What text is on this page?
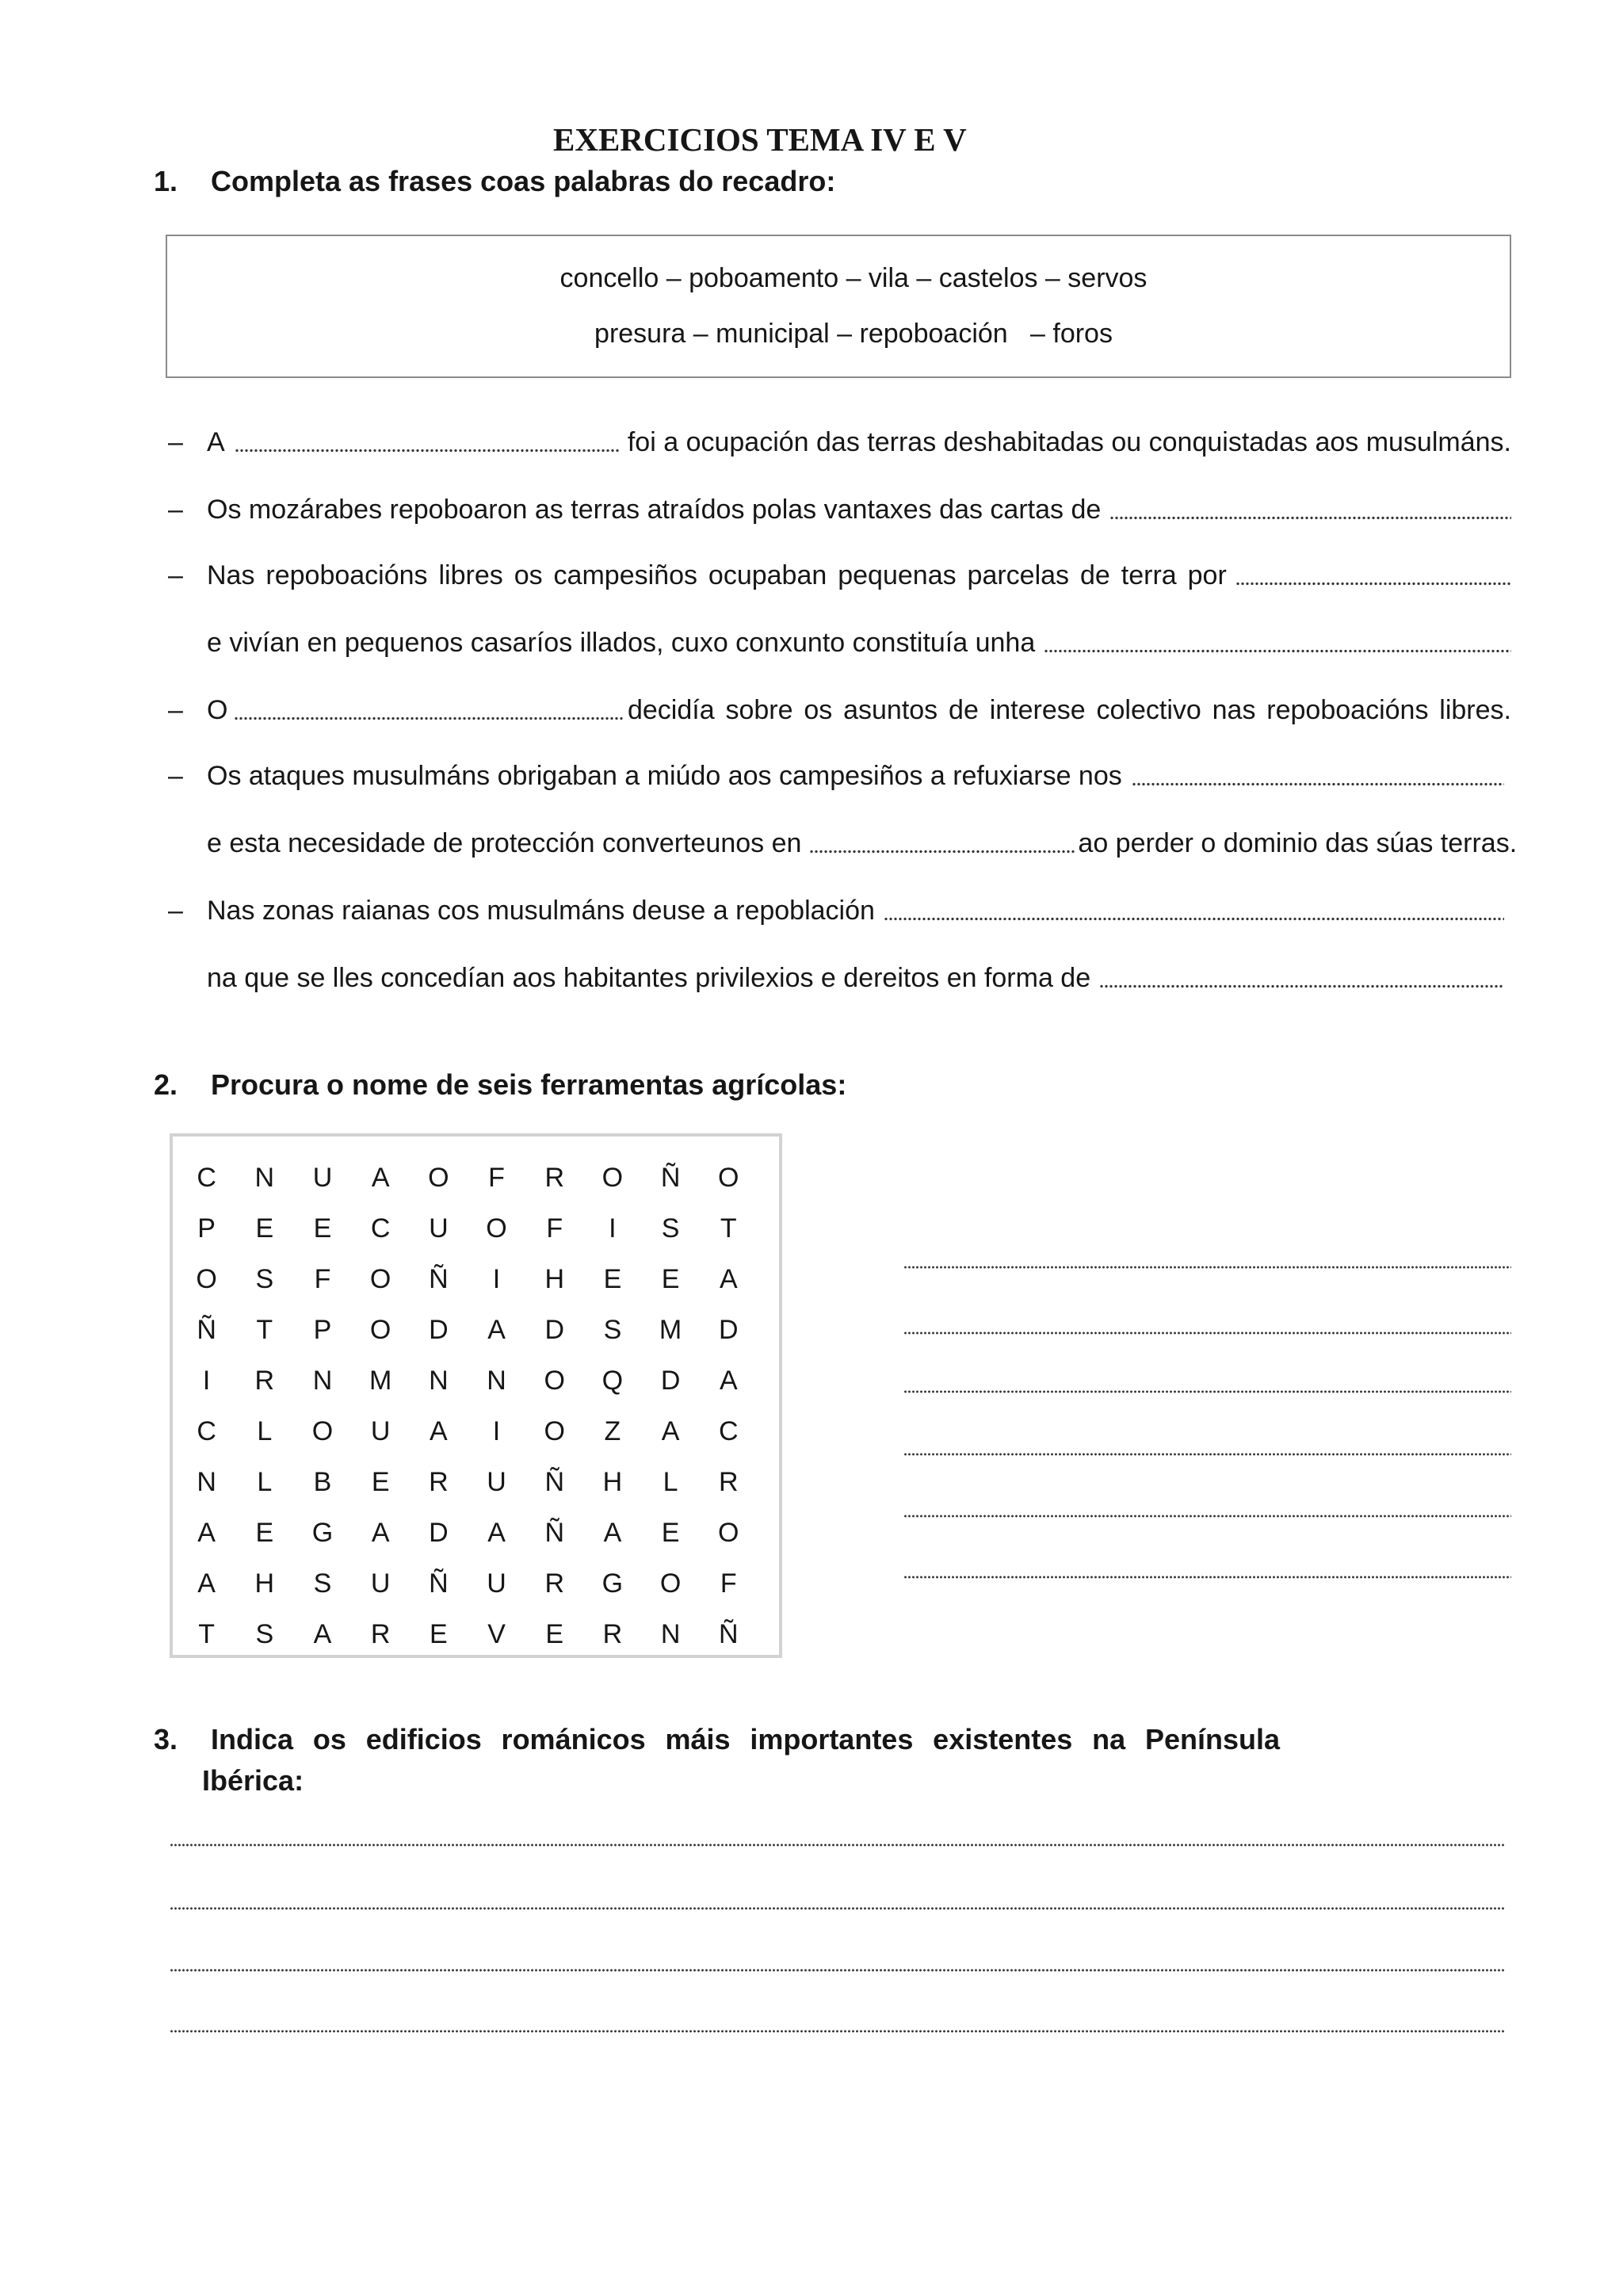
EXERCICIOS TEMA IV E V
1. Completa as frases coas palabras do recadro:
concello – poboamento – vila – castelos – servos
presura – municipal – repoboación   – foros
–
–
–
–
–
–
A	foi a ocupación das terras deshabitadas ou conquistadas aos musulmáns.
Os mozárabes repoboaron as terras atraídos polas vantaxes das cartas de
Nas repoboacións libres os campesiños ocupaban pequenas parcelas de terra por
e vivían en pequenos casaríos illados, cuxo conxunto constituía unha
O	decidía sobre os asuntos de interese colectivo nas repoboacións libres.
Os ataques musulmáns obrigaban a miúdo aos campesiños a refuxiarse nos
e esta necesidade de protección converteunos en	ao perder o dominio das súas terras.
Nas zonas raianas cos musulmáns deuse a repoblación
na que se lles concedían aos habitantes privilexios e dereitos en forma de
2. Procura o nome de seis ferramentas agrícolas:
C	N	U	A	O	F	R	O	Ñ	O
P	E	E	C	U	O	F	I	S	T
O	S	F	O	Ñ	I	H	E	E	A
Ñ	T	P	O	D	A	D	S	M	D
I	R	N	M	N	N	O	Q	D	A
C	L	O	U	A	I	O	Z	A	C
N	L	B	E	R	U	Ñ	H	L	R
A	E	G	A	D	A	Ñ	A	E	O
A	H	S	U	Ñ	U	R	G	O	F
T	S	A	R	E	V	E	R	N	Ñ
3. Indica os edificios románicos máis importantes existentes na Península
Ibérica:
